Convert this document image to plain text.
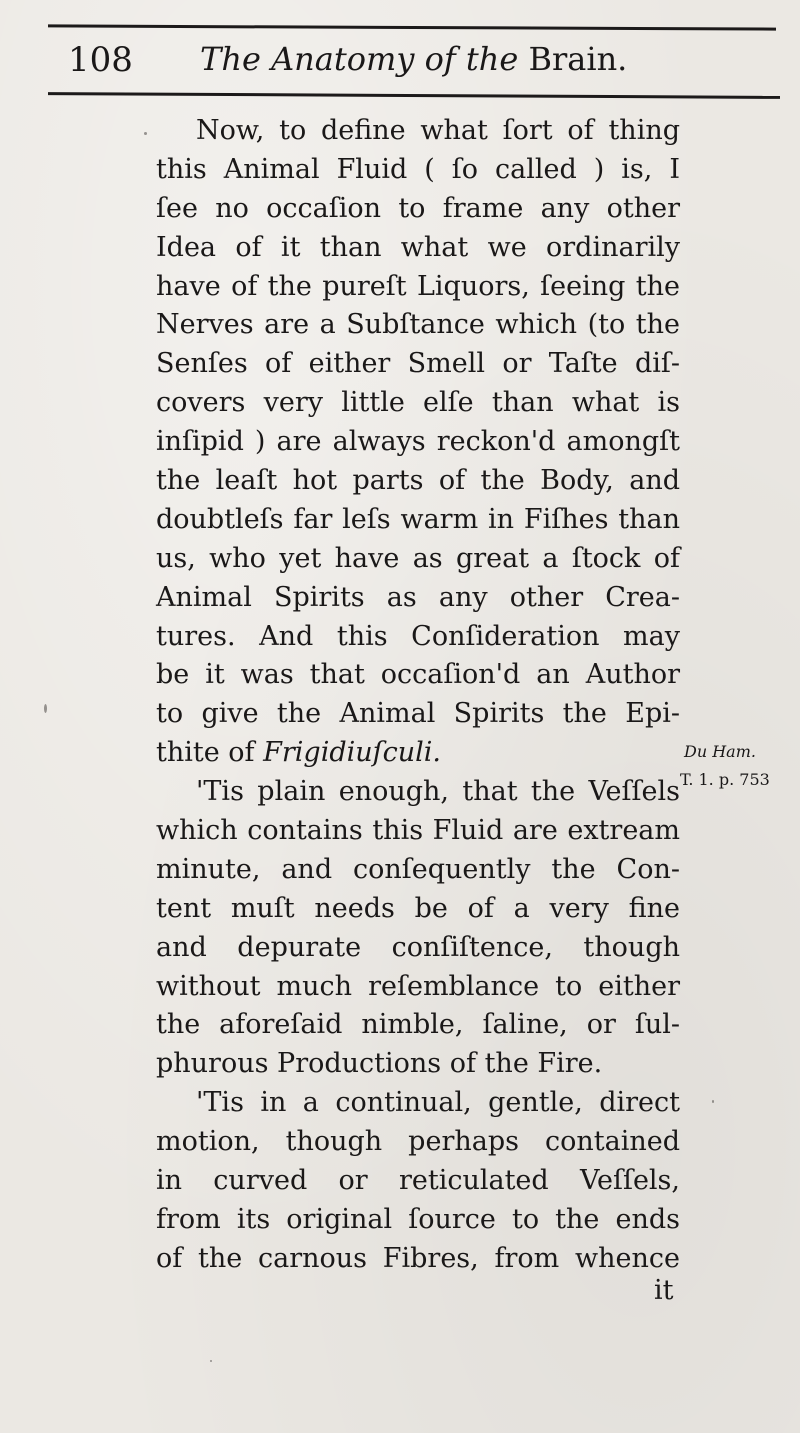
108 The Anatomy of the Brain.
Now, to define what ſort of thing
this Animal Fluid ( ſo called ) is, I
ſee no occaſion to frame any other
Idea of it than what we ordinarily
have of the pureſt Liquors, ſeeing the
Nerves are a Subſtance which (to the
Senſes of either Smell or Taſte diſ-
covers very little elſe than what is
inſipid ) are always reckon'd amongſt
the leaſt hot parts of the Body, and
doubtleſs far leſs warm in Fiſhes than
us, who yet have as great a ſtock of
Animal Spirits as any other Crea-
tures. And this Conſideration may
be it was that occaſion'd an Author
to give the Animal Spirits the Epi-
thite of Frigidiuſculi.
'Tis plain enough, that the Veſſels
which contains this Fluid are extream
minute, and conſequently the Con-
tent muſt needs be of a very fine
and depurate conſiſtence, though
without much reſemblance to either
the aforeſaid nimble, ſaline, or ſul-
phurous Productions of the Fire.
'Tis in a continual, gentle, direct
motion, though perhaps contained
in curved or reticulated Veſſels,
from its original ſource to the ends
of the carnous Fibres, from whence
it
Du Ham.
T. 1. p. 753
